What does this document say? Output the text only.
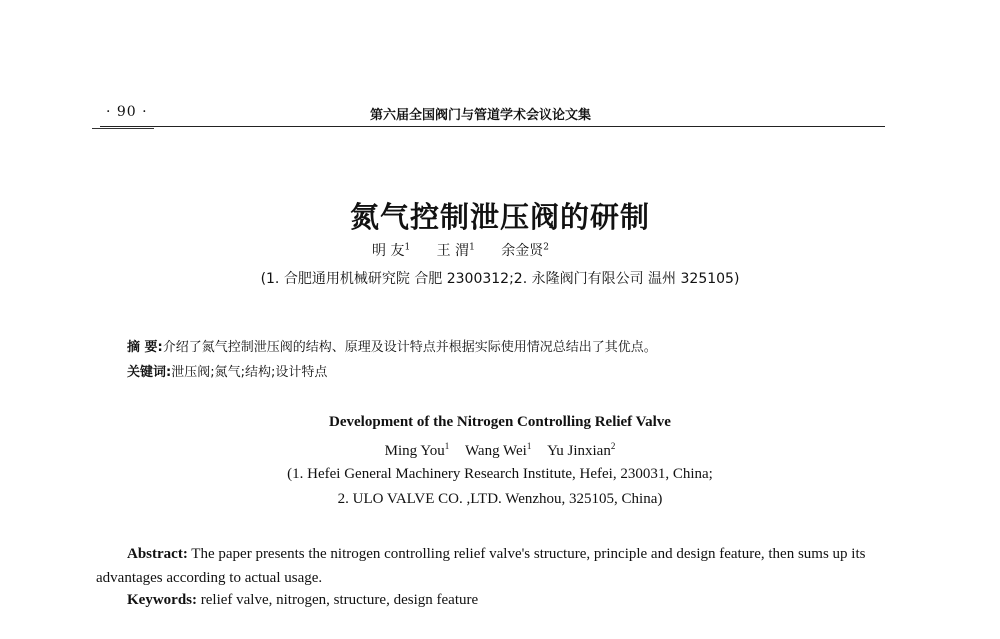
· 90 ·	第六届全国阀门与管道学术会议论文集
氮气控制泄压阀的研制
明 友$^1$ 王 渭$^1$ 余金贤$^2$
(1. 合肥通用机械研究院 合肥 2300312;2. 永隆阀门有限公司 温州 325105)
摘 要:介绍了氮气控制泄压阀的结构、原理及设计特点并根据实际使用情况总结出了其优点。
关键词:泄压阀;氮气;结构;设计特点
Development of the Nitrogen Controlling Relief Valve
Ming You$^1$ Wang Wei$^1$ Yu Jinxian$^2$
(1. Hefei General Machinery Research Institute, Hefei, 230031, China;
2. ULO VALVE CO. ,LTD. Wenzhou, 325105, China)
Abstract: The paper presents the nitrogen controlling relief valve's structure, principle and design feature, then sums up its advantages according to actual usage.
Keywords: relief valve, nitrogen, structure, design feature
